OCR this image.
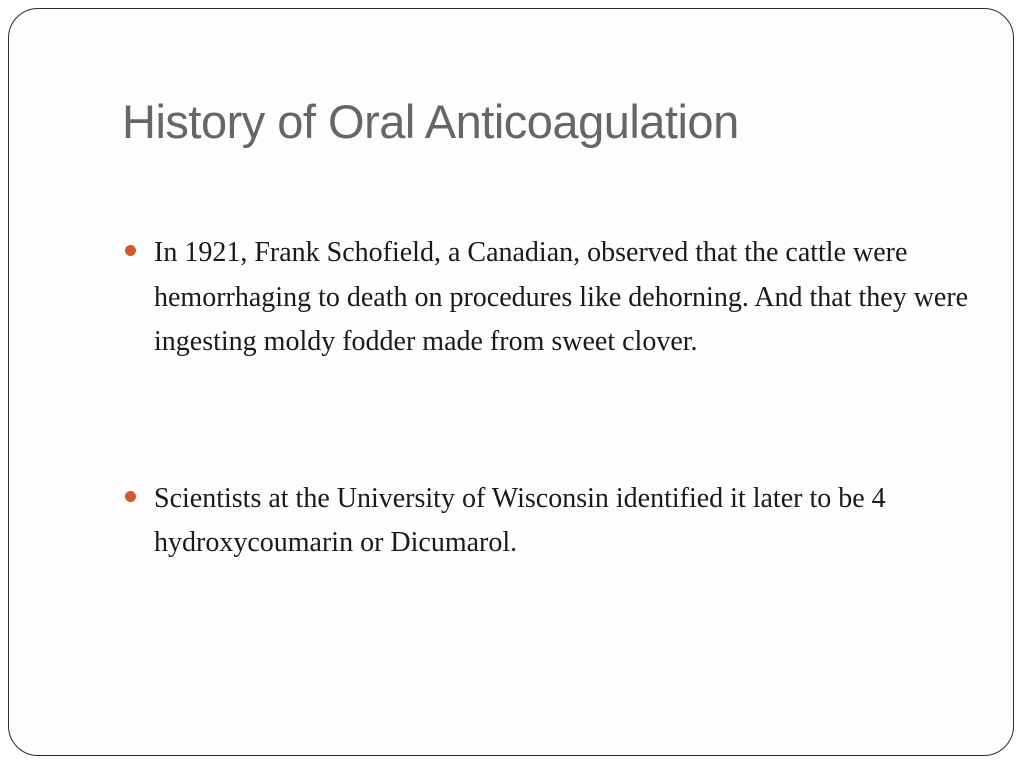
History of Oral Anticoagulation
In 1921, Frank Schofield, a Canadian, observed that the cattle were hemorrhaging to death on procedures like dehorning. And that they were ingesting moldy fodder made from sweet clover.
Scientists at the University of Wisconsin identified it later to be 4 hydroxycoumarin or Dicumarol.
